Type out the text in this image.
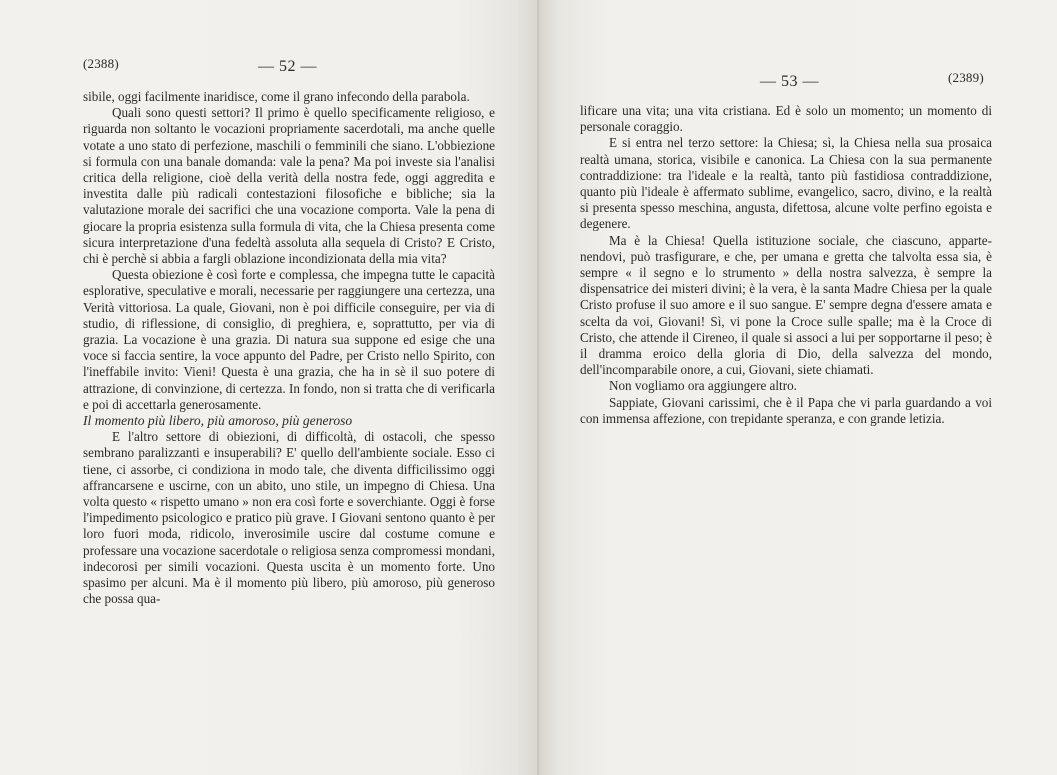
(2388)	— 52 —

sibile, oggi facilmente inaridisce, come il grano infecondo della parabola.

Quali sono questi settori? Il primo è quello specificamente religioso, e riguarda non soltanto le vocazioni propriamente sacerdotali, ma anche quelle votate a uno stato di perfezione, maschili o femminili che siano. L'obbiezione si formula con una banale domanda: vale la pena? Ma poi investe sia l'analisi critica della religione, cioè della verità della nostra fede, oggi aggredita e investita dalle più radicali contestazioni filosofiche e bibliche; sia la valutazione morale dei sacrifici che una vocazione comporta. Vale la pena di giocare la propria esistenza sulla formula di vita, che la Chiesa presenta come sicura interpretazione d'una fedeltà assoluta alla sequela di Cristo? E Cristo, chi è perchè si abbia a fargli oblazione incondizionata della mia vita?

Questa obiezione è così forte e complessa, che impegna tutte le capacità esplorative, speculative e morali, necessarie per raggiungere una certezza, una Verità vittoriosa. La quale, Giovani, non è poi difficile conseguire, per via di studio, di riflessione, di consiglio, di preghiera, e, soprattutto, per via di grazia. La vocazione è una grazia. Di natura sua suppone ed esige che una voce si faccia sentire, la voce appunto del Padre, per Cristo nello Spirito, con l'ineffabile invito: Vieni! Questa è una grazia, che ha in sè il suo potere di attrazione, di convinzione, di certezza. In fondo, non si tratta che di verificarla e poi di accettarla generosamente.

Il momento più libero, più amoroso, più generoso

E l'altro settore di obiezioni, di difficoltà, di ostacoli, che spesso sembrano paralizzanti e insuperabili? E' quello dell'ambiente sociale. Esso ci tiene, ci assorbe, ci condiziona in modo tale, che diventa difficilissimo oggi affrancarsene e uscirne, con un abito, uno stile, un impegno di Chiesa. Una volta questo « rispetto umano » non era così forte e soverchiante. Oggi è forse l'impedimento psicologico e pratico più grave. I Giovani sentono quanto è per loro fuori moda, ridicolo, inverosimile uscire dal costume comune e professare una vocazione sacerdotale o religiosa senza compromessi mondani, indecorosi per simili vocazioni. Questa uscita è un momento forte. Uno spasimo per alcuni. Ma è il momento più libero, più amoroso, più generoso che possa qua-

— 53 —	(2389)

lificare una vita; una vita cristiana. Ed è solo un momento; un momento di personale coraggio.

E si entra nel terzo settore: la Chiesa; sì, la Chiesa nella sua prosaica realtà umana, storica, visibile e canonica. La Chiesa con la sua permanente contraddizione: tra l'ideale e la realtà, tanto più fastidiosa contraddizione, quanto più l'ideale è affermato sublime, evangelico, sacro, divino, e la realtà si presenta spesso meschina, angusta, difettosa, alcune volte perfino egoista e degenere.

Ma è la Chiesa! Quella istituzione sociale, che ciascuno, appartenendovi, può trasfigurare, e che, per umana e gretta che talvolta essa sia, è sempre « il segno e lo strumento » della nostra salvezza, è sempre la dispensatrice dei misteri divini; è la vera, è la santa Madre Chiesa per la quale Cristo profuse il suo amore e il suo sangue. E' sempre degna d'essere amata e scelta da voi, Giovani! Sì, vi pone la Croce sulle spalle; ma è la Croce di Cristo, che attende il Cireneo, il quale si associ a lui per sopportarne il peso; è il dramma eroico della gloria di Dio, della salvezza del mondo, dell'incomparabile onore, a cui, Giovani, siete chiamati.

Non vogliamo ora aggiungere altro.

Sappiate, Giovani carissimi, che è il Papa che vi parla guardando a voi con immensa affezione, con trepidante speranza, e con grande letizia.
